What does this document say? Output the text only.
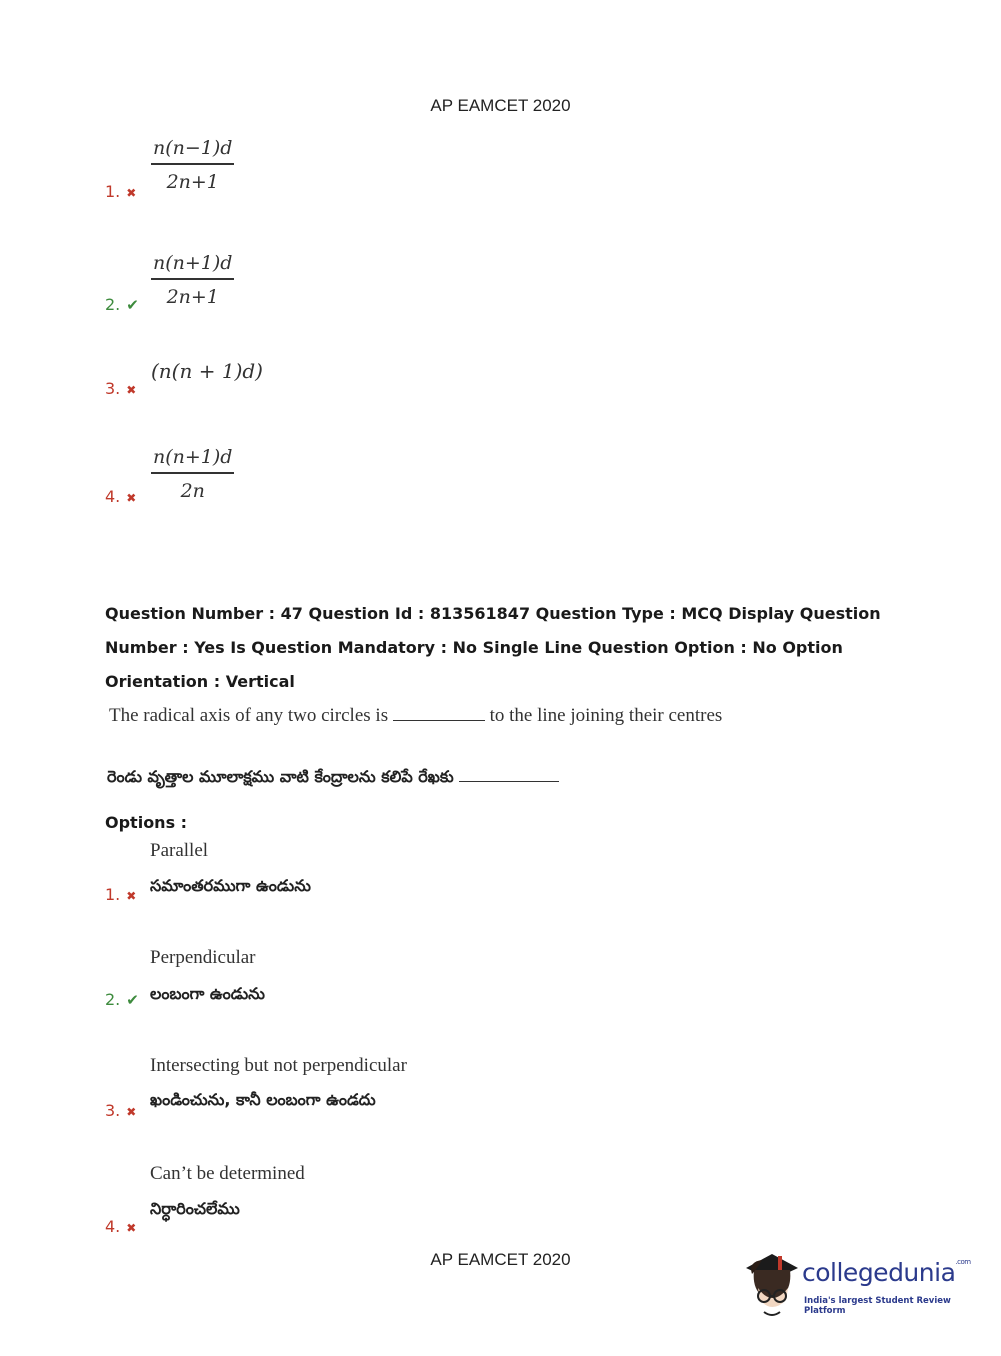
AP EAMCET 2020
$\frac{n(n-1)d}{2n+1}$
1. ✖
$\frac{n(n+1)d}{2n+1}$
2. ✔
(n(n + 1)d)
3. ✖
$\frac{n(n+1)d}{2n}$
4. ✖
Question Number : 47 Question Id : 813561847 Question Type : MCQ Display Question
Number : Yes Is Question Mandatory : No Single Line Question Option : No Option
Orientation : Vertical
The radical axis of any two circles is	to the line joining their centres
రెండు వృత్తాల మూలాక్షము వాటి కేంద్రాలను కలిపే రేఖకు
Options :
Parallel
సమాంతరముగా ఉండును
1. ✖
Perpendicular
లంబంగా ఉండును
2. ✔
Intersecting but not perpendicular
ఖండించును, కానీ లంబంగా ఉండదు
3. ✖
Can’t be determined
నిర్ధారించలేము
4. ✖
AP EAMCET 2020	collegedunia$^{.com}$
India's largest Student Review Platform
